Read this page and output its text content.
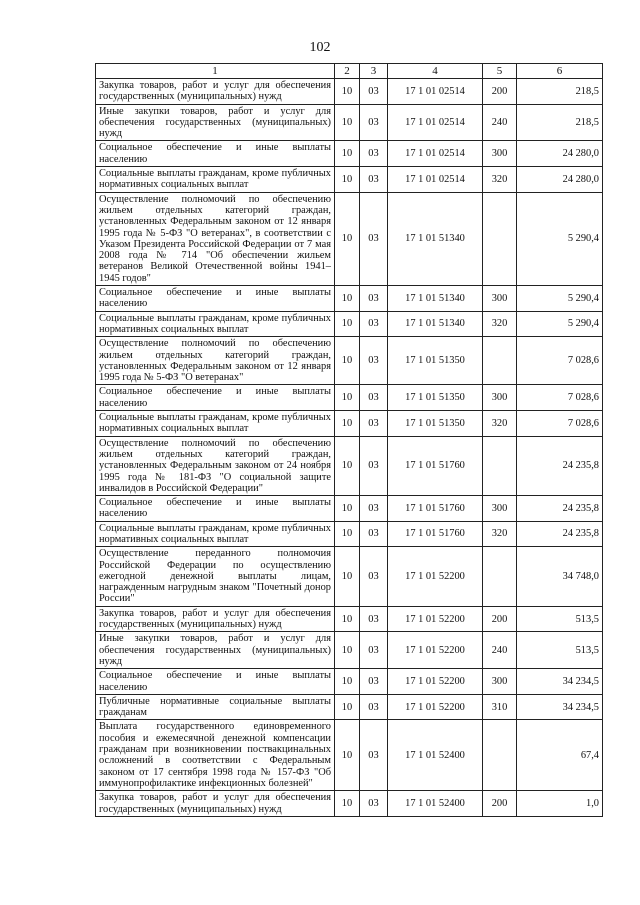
102
1	2	3	4	5	6
Закупка товаров, работ и услуг для обеспечения государственных (муниципальных) нужд	10	03	17 1 01 02514	200	218,5
Иные закупки товаров, работ и услуг для обеспечения государственных (муниципальных) нужд	10	03	17 1 01 02514	240	218,5
Социальное обеспечение и иные выплаты населению	10	03	17 1 01 02514	300	24 280,0
Социальные выплаты гражданам, кроме публичных нормативных социальных выплат	10	03	17 1 01 02514	320	24 280,0
Осуществление полномочий по обеспечению жильем отдельных категорий граждан, установленных Федеральным законом от 12 января 1995 года № 5-ФЗ "О ветеранах", в соответствии с Указом Президента Российской Федерации от 7 мая 2008 года № 714 "Об обеспечении жильем ветеранов Великой Отечественной войны 1941–1945 годов"	10	03	17 1 01 51340		5 290,4
Социальное обеспечение и иные выплаты населению	10	03	17 1 01 51340	300	5 290,4
Социальные выплаты гражданам, кроме публичных нормативных социальных выплат	10	03	17 1 01 51340	320	5 290,4
Осуществление полномочий по обеспечению жильем отдельных категорий граждан, установленных Федеральным законом от 12 января 1995 года № 5-ФЗ "О ветеранах"	10	03	17 1 01 51350		7 028,6
Социальное обеспечение и иные выплаты населению	10	03	17 1 01 51350	300	7 028,6
Социальные выплаты гражданам, кроме публичных нормативных социальных выплат	10	03	17 1 01 51350	320	7 028,6
Осуществление полномочий по обеспечению жильем отдельных категорий граждан, установленных Федеральным законом от 24 ноября 1995 года № 181-ФЗ "О социальной защите инвалидов в Российской Федерации"	10	03	17 1 01 51760		24 235,8
Социальное обеспечение и иные выплаты населению	10	03	17 1 01 51760	300	24 235,8
Социальные выплаты гражданам, кроме публичных нормативных социальных выплат	10	03	17 1 01 51760	320	24 235,8
Осуществление переданного полномочия Российской Федерации по осуществлению ежегодной денежной выплаты лицам, награжденным нагрудным знаком "Почетный донор России"	10	03	17 1 01 52200		34 748,0
Закупка товаров, работ и услуг для обеспечения государственных (муниципальных) нужд	10	03	17 1 01 52200	200	513,5
Иные закупки товаров, работ и услуг для обеспечения государственных (муниципальных) нужд	10	03	17 1 01 52200	240	513,5
Социальное обеспечение и иные выплаты населению	10	03	17 1 01 52200	300	34 234,5
Публичные нормативные социальные выплаты гражданам	10	03	17 1 01 52200	310	34 234,5
Выплата государственного единовременного пособия и ежемесячной денежной компенсации гражданам при возникновении поствакцинальных осложнений в соответствии с Федеральным законом от 17 сентября 1998 года № 157-ФЗ "Об иммунопрофилактике инфекционных болезней"	10	03	17 1 01 52400		67,4
Закупка товаров, работ и услуг для обеспечения государственных (муниципальных) нужд	10	03	17 1 01 52400	200	1,0
